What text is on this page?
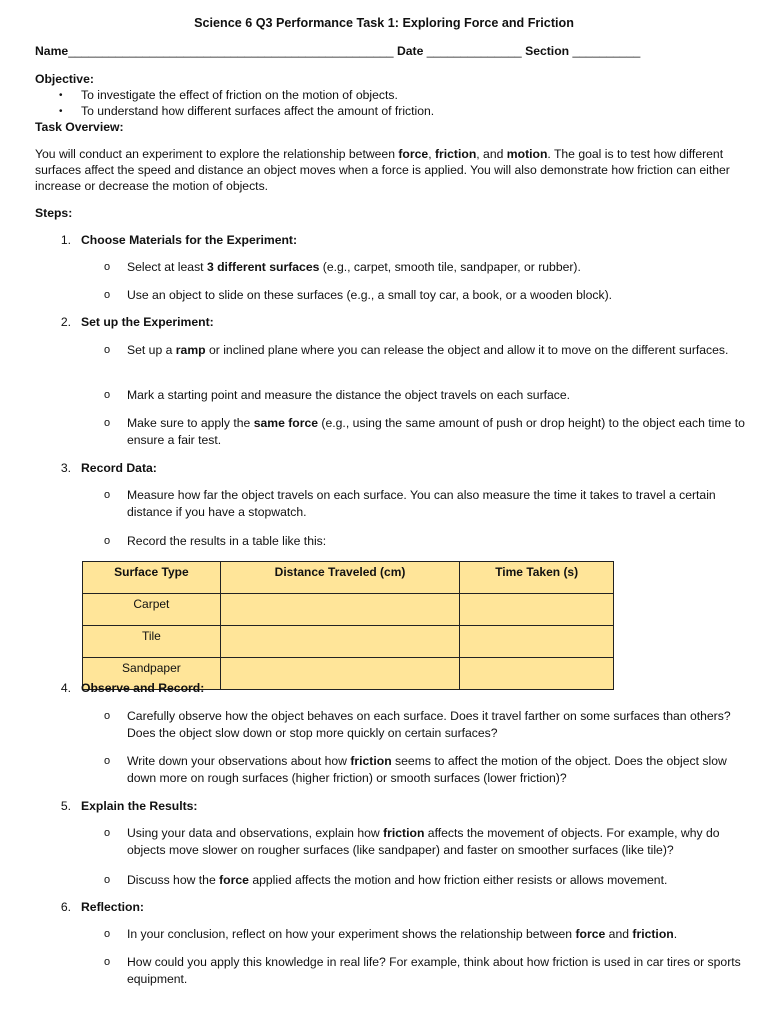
Science 6 Q3 Performance Task 1: Exploring Force and Friction
Name________________________________________________ Date ______________ Section __________
Objective:
•	To investigate the effect of friction on the motion of objects.
•	To understand how different surfaces affect the amount of friction.
Task Overview:
You will conduct an experiment to explore the relationship between force, friction, and motion. The goal is to test how different surfaces affect the speed and distance an object moves when a force is applied. You will also demonstrate how friction can either increase or decrease the motion of objects.
Steps:
1. Choose Materials for the Experiment:
o Select at least 3 different surfaces (e.g., carpet, smooth tile, sandpaper, or rubber).
o Use an object to slide on these surfaces (e.g., a small toy car, a book, or a wooden block).
2. Set up the Experiment:
o Set up a ramp or inclined plane where you can release the object and allow it to move on the different surfaces.
o Mark a starting point and measure the distance the object travels on each surface.
o Make sure to apply the same force (e.g., using the same amount of push or drop height) to the object each time to ensure a fair test.
3. Record Data:
o Measure how far the object travels on each surface. You can also measure the time it takes to travel a certain distance if you have a stopwatch.
o Record the results in a table like this:
Surface Type	Distance Traveled (cm)	Time Taken (s)
Carpet		
Tile		
Sandpaper		
4. Observe and Record:
o Carefully observe how the object behaves on each surface. Does it travel farther on some surfaces than others? Does the object slow down or stop more quickly on certain surfaces?
o Write down your observations about how friction seems to affect the motion of the object. Does the object slow down more on rough surfaces (higher friction) or smooth surfaces (lower friction)?
5. Explain the Results:
o Using your data and observations, explain how friction affects the movement of objects. For example, why do objects move slower on rougher surfaces (like sandpaper) and faster on smoother surfaces (like tile)?
o Discuss how the force applied affects the motion and how friction either resists or allows movement.
6. Reflection:
o In your conclusion, reflect on how your experiment shows the relationship between force and friction.
o How could you apply this knowledge in real life? For example, think about how friction is used in car tires or sports equipment.
